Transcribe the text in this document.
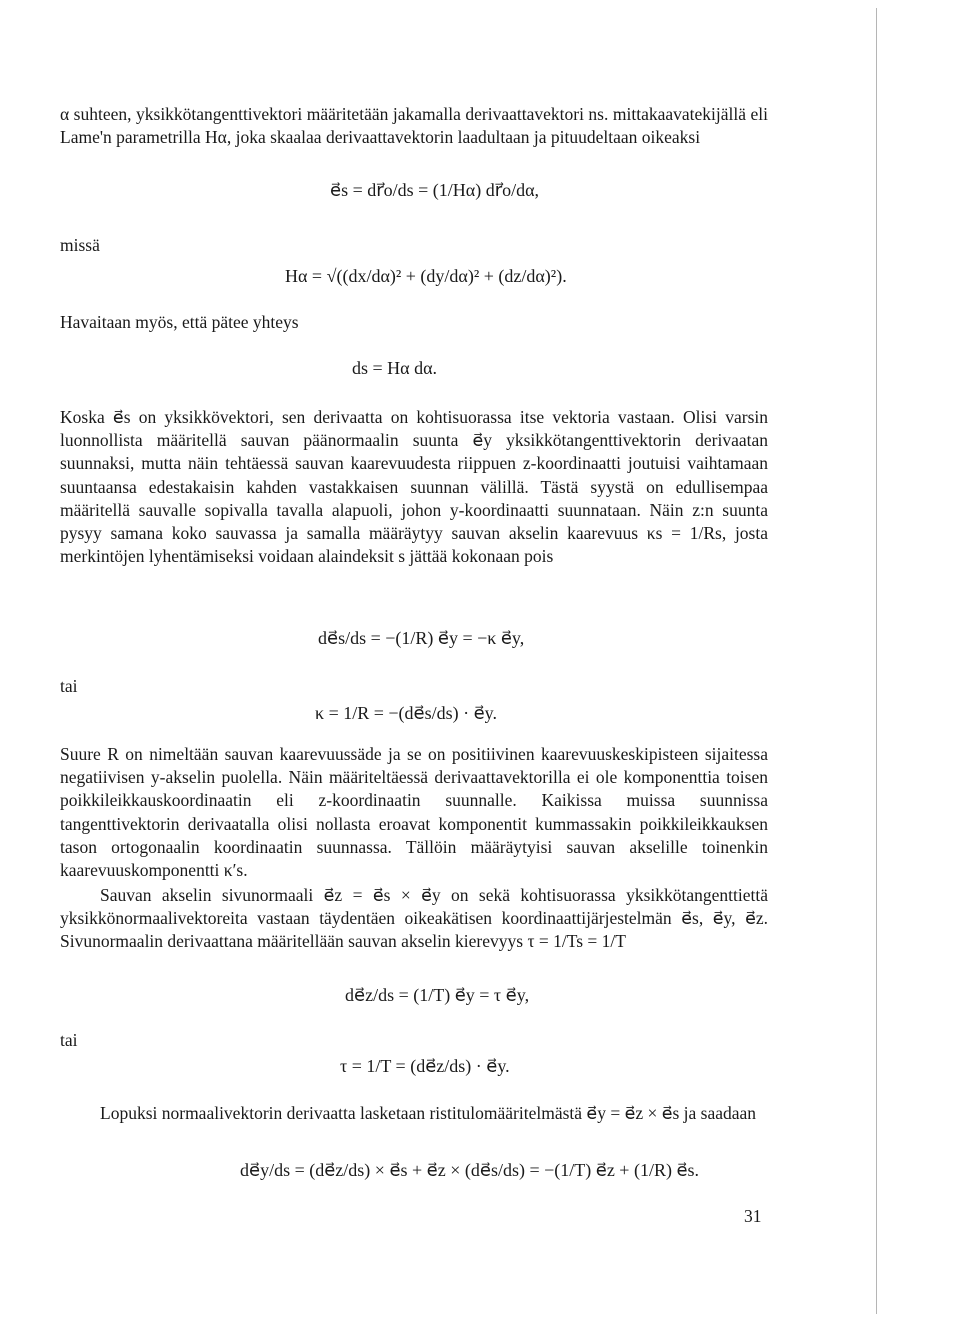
α suhteen, yksikkötangenttivektori määritetään jakamalla derivaattavektori ns. mittakaavatekijällä eli Lame'n parametrilla Hα, joka skaalaa derivaattavektorin laadultaan ja pituudeltaan oikeaksi
e⃗s = dr⃗o/ds = (1/Hα) dr⃗o/dα,
missä
Hα = √((dx/dα)² + (dy/dα)² + (dz/dα)²).
Havaitaan myös, että pätee yhteys
ds = Hα dα.
Koska e⃗s on yksikkövektori, sen derivaatta on kohtisuorassa itse vektoria vastaan. Olisi varsin luonnollista määritellä sauvan päänormaalin suunta e⃗y yksikkötangenttivektorin derivaatan suunnaksi, mutta näin tehtäessä sauvan kaarevuudesta riippuen z-koordinaatti joutuisi vaihtamaan suuntaansa edestakaisin kahden vastakkaisen suunnan välillä. Tästä syystä on edullisempaa määritellä sauvalle sopivalla tavalla alapuoli, johon y-koordinaatti suunnataan. Näin z:n suunta pysyy samana koko sauvassa ja samalla määräytyy sauvan akselin kaarevuus κs = 1/Rs, josta merkintöjen lyhentämiseksi voidaan alaindeksit s jättää kokonaan pois
de⃗s/ds = −(1/R) e⃗y = −κ e⃗y,
tai
κ = 1/R = −(de⃗s/ds) · e⃗y.
Suure R on nimeltään sauvan kaarevuussäde ja se on positiivinen kaarevuuskeskipisteen sijaitessa negatiivisen y-akselin puolella. Näin määriteltäessä derivaattavektorilla ei ole komponenttia toisen poikkileikkauskoordinaatin eli z-koordinaatin suunnalle. Kaikissa muissa suunnissa tangenttivektorin derivaatalla olisi nollasta eroavat komponentit kummassakin poikkileikkauksen tason ortogonaalin koordinaatin suunnassa. Tällöin määräytyisi sauvan akselille toinenkin kaarevuuskomponentti κ′s.
Sauvan akselin sivunormaali e⃗z = e⃗s × e⃗y on sekä kohtisuorassa yksikkötangenttiettä yksikkönormaalivektoreita vastaan täydentäen oikeakätisen koordinaattijärjestelmän e⃗s, e⃗y, e⃗z. Sivunormaalin derivaattana määritellään sauvan akselin kierevyys τ = 1/Ts = 1/T
de⃗z/ds = (1/T) e⃗y = τ e⃗y,
tai
τ = 1/T = (de⃗z/ds) · e⃗y.
Lopuksi normaalivektorin derivaatta lasketaan ristitulomääritelmästä e⃗y = e⃗z × e⃗s ja saadaan
de⃗y/ds = (de⃗z/ds) × e⃗s + e⃗z × (de⃗s/ds) = −(1/T) e⃗z + (1/R) e⃗s.
31
